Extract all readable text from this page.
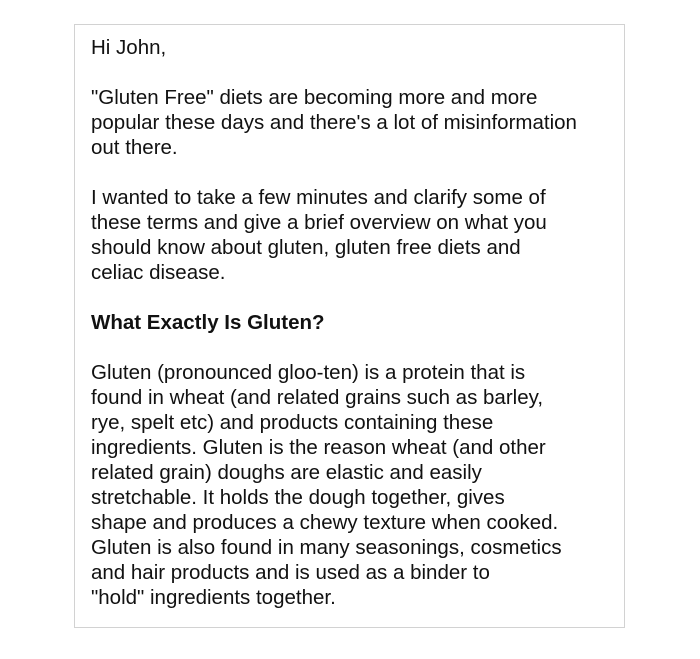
Hi John,

"Gluten Free" diets are becoming more and more
popular these days and there's a lot of misinformation
out there.

I wanted to take a few minutes and clarify some of
these terms and give a brief overview on what you
should know about gluten, gluten free diets and
celiac disease.

What Exactly Is Gluten?

Gluten (pronounced gloo-ten) is a protein that is
found in wheat (and related grains such as barley,
rye, spelt etc) and products containing these
ingredients. Gluten is the reason wheat (and other
related grain) doughs are elastic and easily
stretchable. It holds the dough together, gives
shape and produces a chewy texture when cooked.
Gluten is also found in many seasonings, cosmetics
and hair products and is used as a binder to
"hold" ingredients together.
